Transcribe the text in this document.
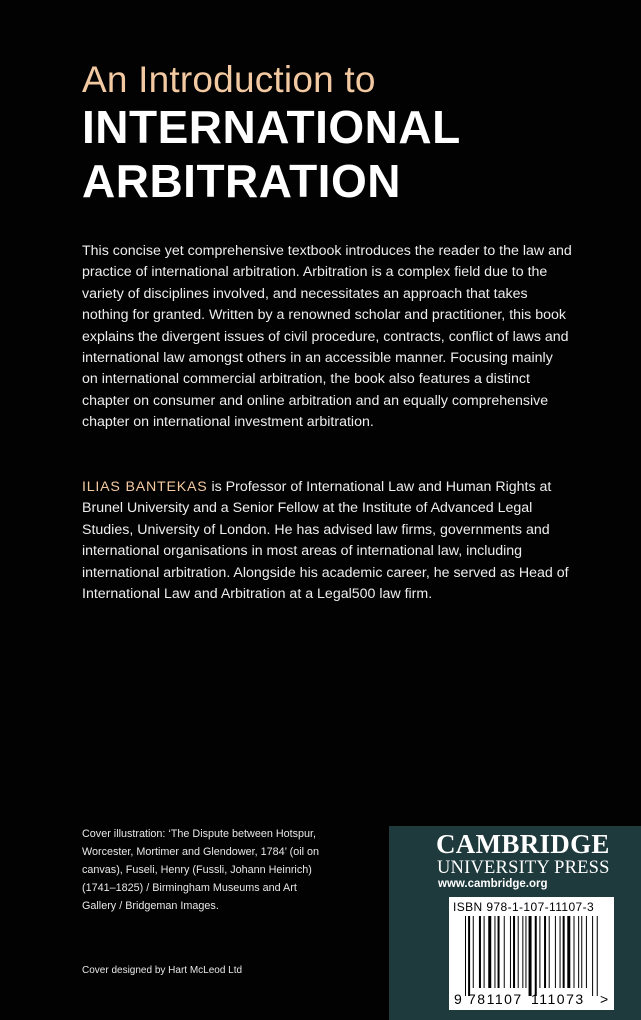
An Introduction to
INTERNATIONAL
ARBITRATION

This concise yet comprehensive textbook introduces the reader to the law and practice of international arbitration. Arbitration is a complex field due to the variety of disciplines involved, and necessitates an approach that takes nothing for granted. Written by a renowned scholar and practitioner, this book explains the divergent issues of civil procedure, contracts, conflict of laws and international law amongst others in an accessible manner. Focusing mainly on international commercial arbitration, the book also features a distinct chapter on consumer and online arbitration and an equally comprehensive chapter on international investment arbitration.

ILIAS BANTEKAS is Professor of International Law and Human Rights at Brunel University and a Senior Fellow at the Institute of Advanced Legal Studies, University of London. He has advised law firms, governments and international organisations in most areas of international law, including international arbitration. Alongside his academic career, he served as Head of International Law and Arbitration at a Legal500 law firm.

Cover illustration: ‘The Dispute between Hotspur, Worcester, Mortimer and Glendower, 1784’ (oil on canvas), Fuseli, Henry (Fussli, Johann Heinrich) (1741–1825) / Birmingham Museums and Art Gallery / Bridgeman Images.
Cover designed by Hart McLeod Ltd
CAMBRIDGE
UNIVERSITY PRESS
www.cambridge.org
ISBN 978-1-107-11107-3
9 781107 111073 >
